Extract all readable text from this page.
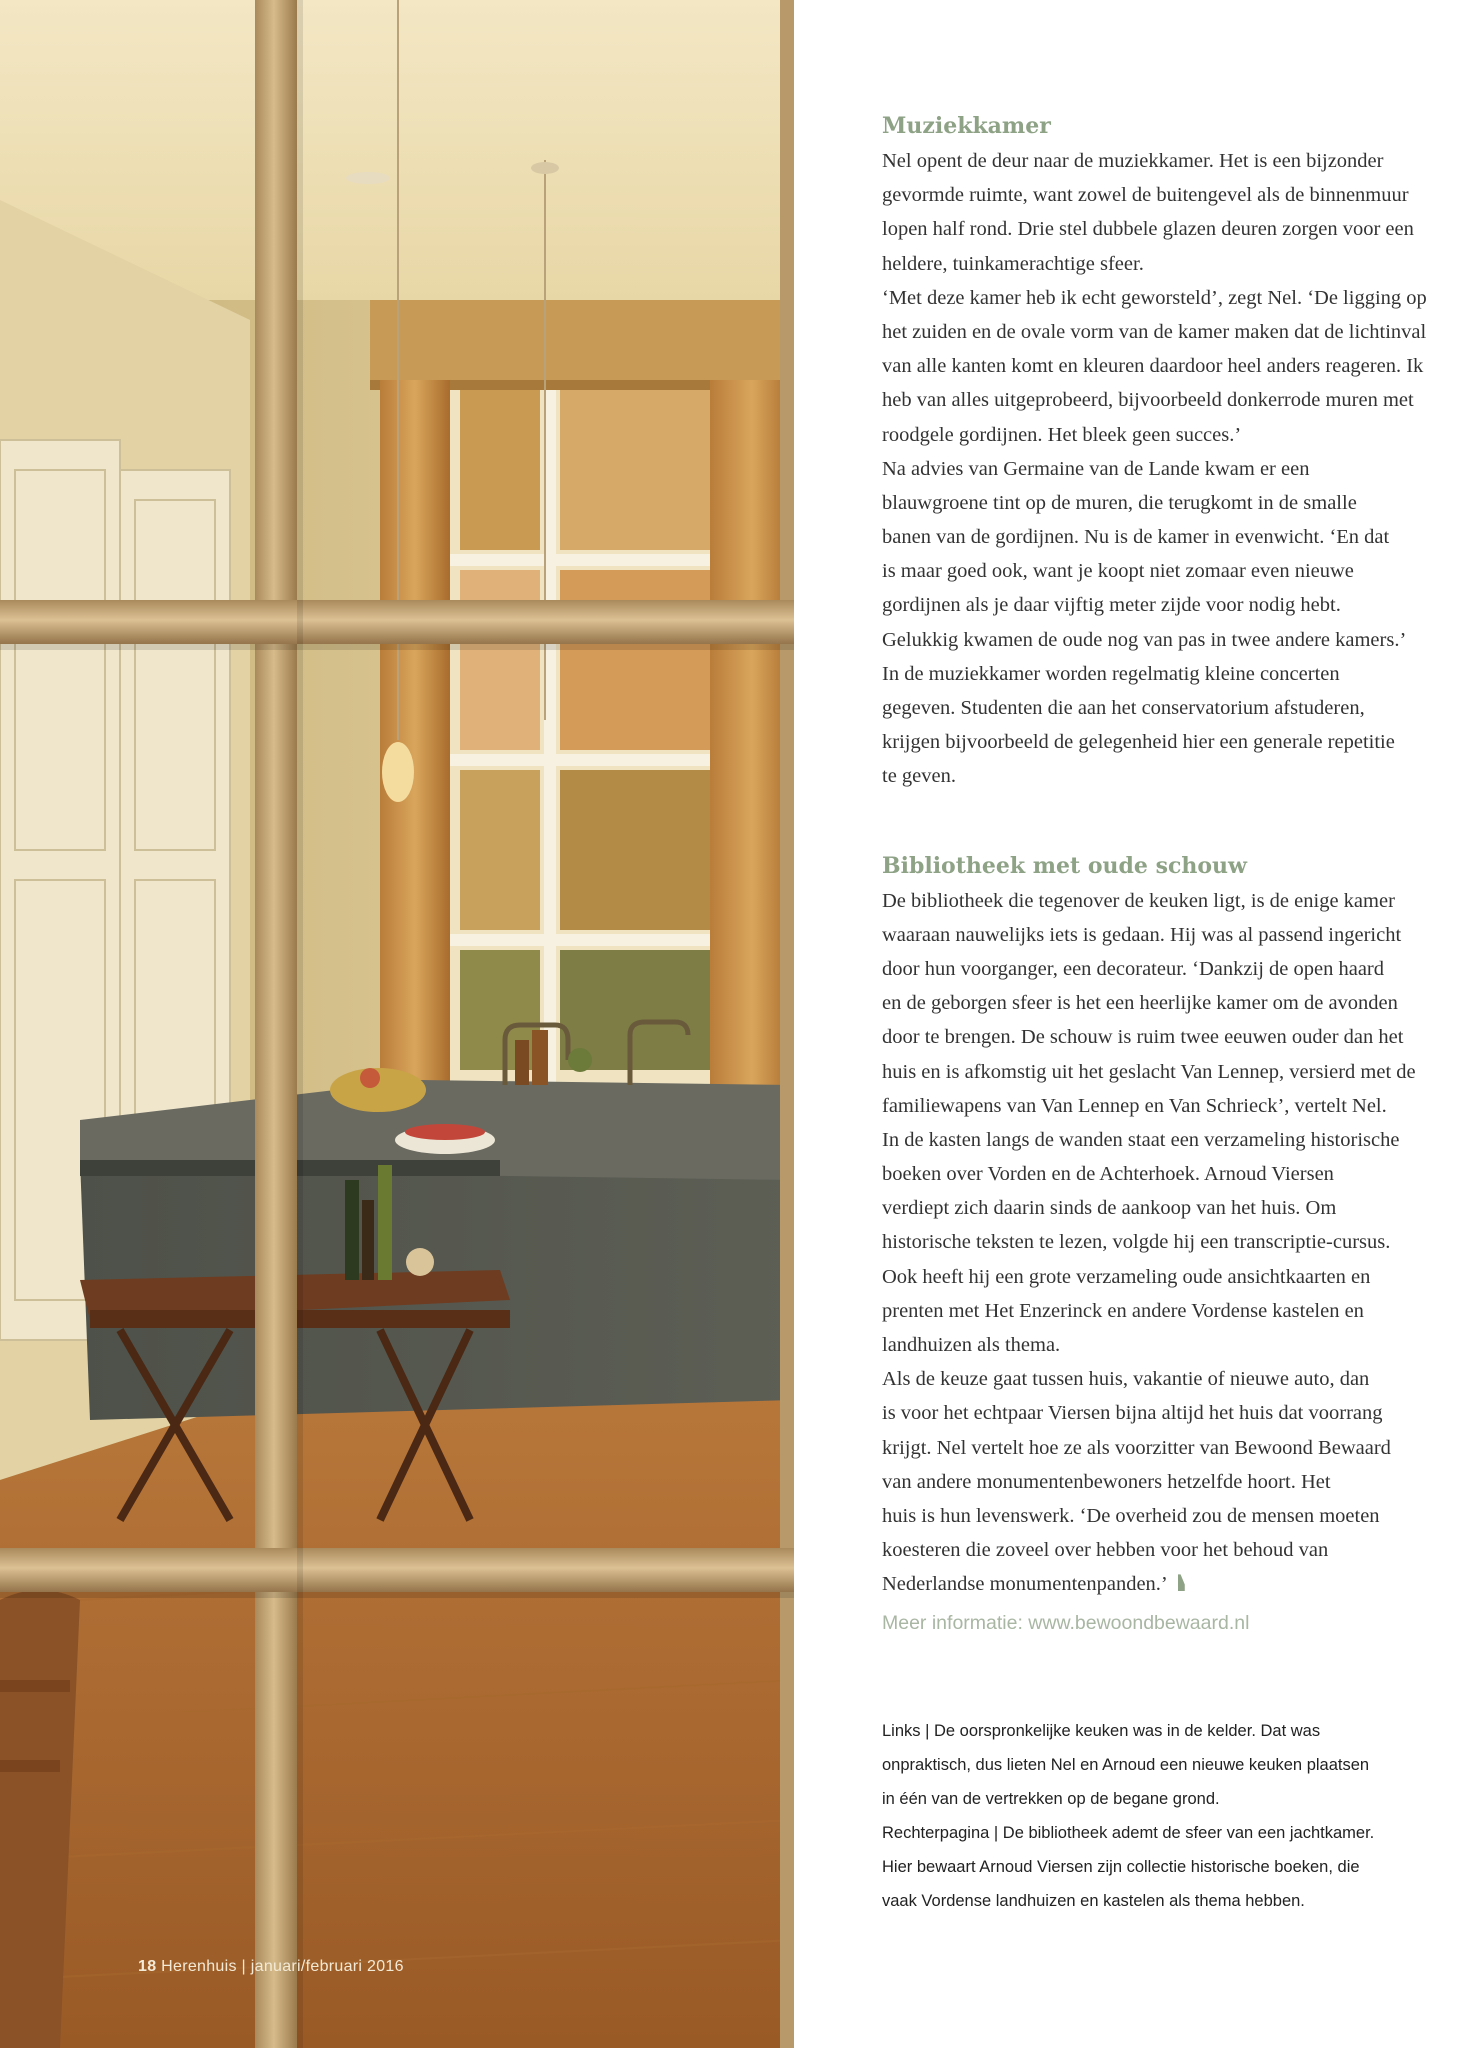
18 Herenhuis | januari/februari 2016
Muziekkamer
Nel opent de deur naar de muziekkamer. Het is een bijzonder
gevormde ruimte, want zowel de buitengevel als de binnenmuur
lopen half rond. Drie stel dubbele glazen deuren zorgen voor een
heldere, tuinkamerachtige sfeer.
‘Met deze kamer heb ik echt geworsteld’, zegt Nel. ‘De ligging op
het zuiden en de ovale vorm van de kamer maken dat de lichtinval
van alle kanten komt en kleuren daardoor heel anders reageren. Ik
heb van alles uitgeprobeerd, bijvoorbeeld donkerrode muren met
roodgele gordijnen. Het bleek geen succes.’
Na advies van Germaine van de Lande kwam er een
blauwgroene tint op de muren, die terugkomt in de smalle
banen van de gordijnen. Nu is de kamer in evenwicht. ‘En dat
is maar goed ook, want je koopt niet zomaar even nieuwe
gordijnen als je daar vijftig meter zijde voor nodig hebt.
Gelukkig kwamen de oude nog van pas in twee andere kamers.’
In de muziekkamer worden regelmatig kleine concerten
gegeven. Studenten die aan het conservatorium afstuderen,
krijgen bijvoorbeeld de gelegenheid hier een generale repetitie
te geven.
Bibliotheek met oude schouw
De bibliotheek die tegenover de keuken ligt, is de enige kamer
waaraan nauwelijks iets is gedaan. Hij was al passend ingericht
door hun voorganger, een decorateur. ‘Dankzij de open haard
en de geborgen sfeer is het een heerlijke kamer om de avonden
door te brengen. De schouw is ruim twee eeuwen ouder dan het
huis en is afkomstig uit het geslacht Van Lennep, versierd met de
familiewapens van Van Lennep en Van Schrieck’, vertelt Nel.
In de kasten langs de wanden staat een verzameling historische
boeken over Vorden en de Achterhoek. Arnoud Viersen
verdiept zich daarin sinds de aankoop van het huis. Om
historische teksten te lezen, volgde hij een transcriptie-cursus.
Ook heeft hij een grote verzameling oude ansichtkaarten en
prenten met Het Enzerinck en andere Vordense kastelen en
landhuizen als thema.
Als de keuze gaat tussen huis, vakantie of nieuwe auto, dan
is voor het echtpaar Viersen bijna altijd het huis dat voorrang
krijgt. Nel vertelt hoe ze als voorzitter van Bewoond Bewaard
van andere monumentenbewoners hetzelfde hoort. Het
huis is hun levenswerk. ‘De overheid zou de mensen moeten
koesteren die zoveel over hebben voor het behoud van
Nederlandse monumentenpanden.’
Meer informatie: www.bewoondbewaard.nl
Links | De oorspronkelijke keuken was in de kelder. Dat was
onpraktisch, dus lieten Nel en Arnoud een nieuwe keuken plaatsen
in één van de vertrekken op de begane grond.
Rechterpagina | De bibliotheek ademt de sfeer van een jachtkamer.
Hier bewaart Arnoud Viersen zijn collectie historische boeken, die
vaak Vordense landhuizen en kastelen als thema hebben.
